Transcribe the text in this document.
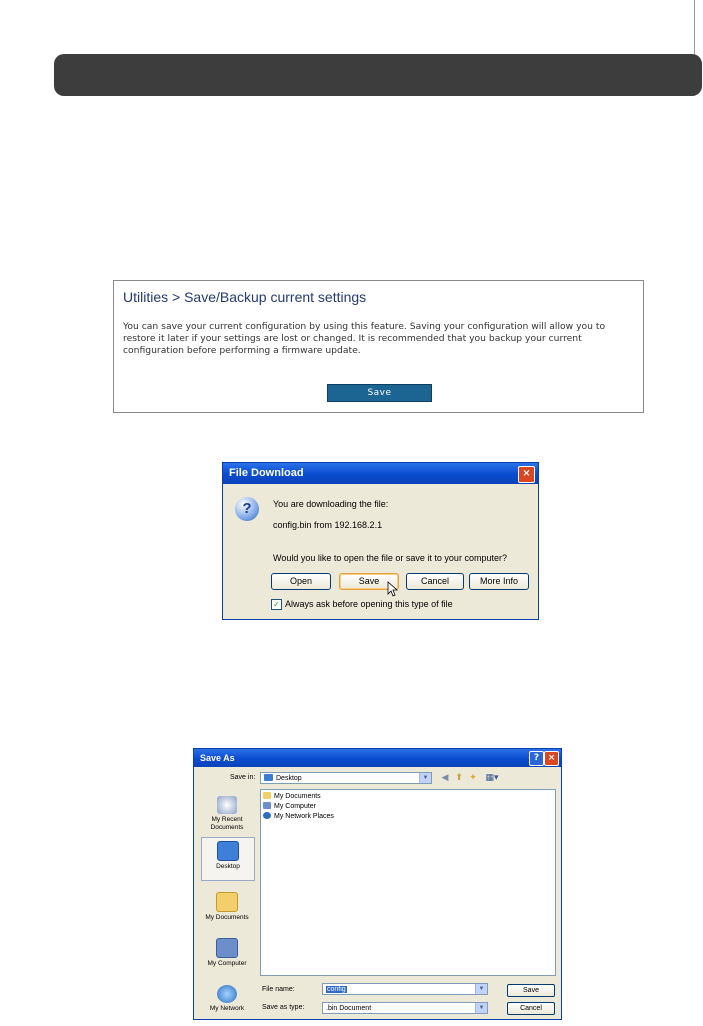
Utilities > Save/Backup current settings
You can save your current configuration by using this feature. Saving your configuration will allow you to restore it later if your settings are lost or changed. It is recommended that you backup your current configuration before performing a firmware update.
Save
File Download	×
?	You are downloading the file:
config.bin from 192.168.2.1
Would you like to open the file or save it to your computer?
Open	Save	Cancel	More Info
✓ Always ask before opening this type of file
Save As	? ×
Save in:	Desktop	▼ ◀ ⬆ ✦ ▦▾
My Recent Documents
Desktop
My Documents
My Computer
My Network
My Documents
My Computer
My Network Places
File name:	config	▼	Save
Save as type:	.bin Document	▼	Cancel
